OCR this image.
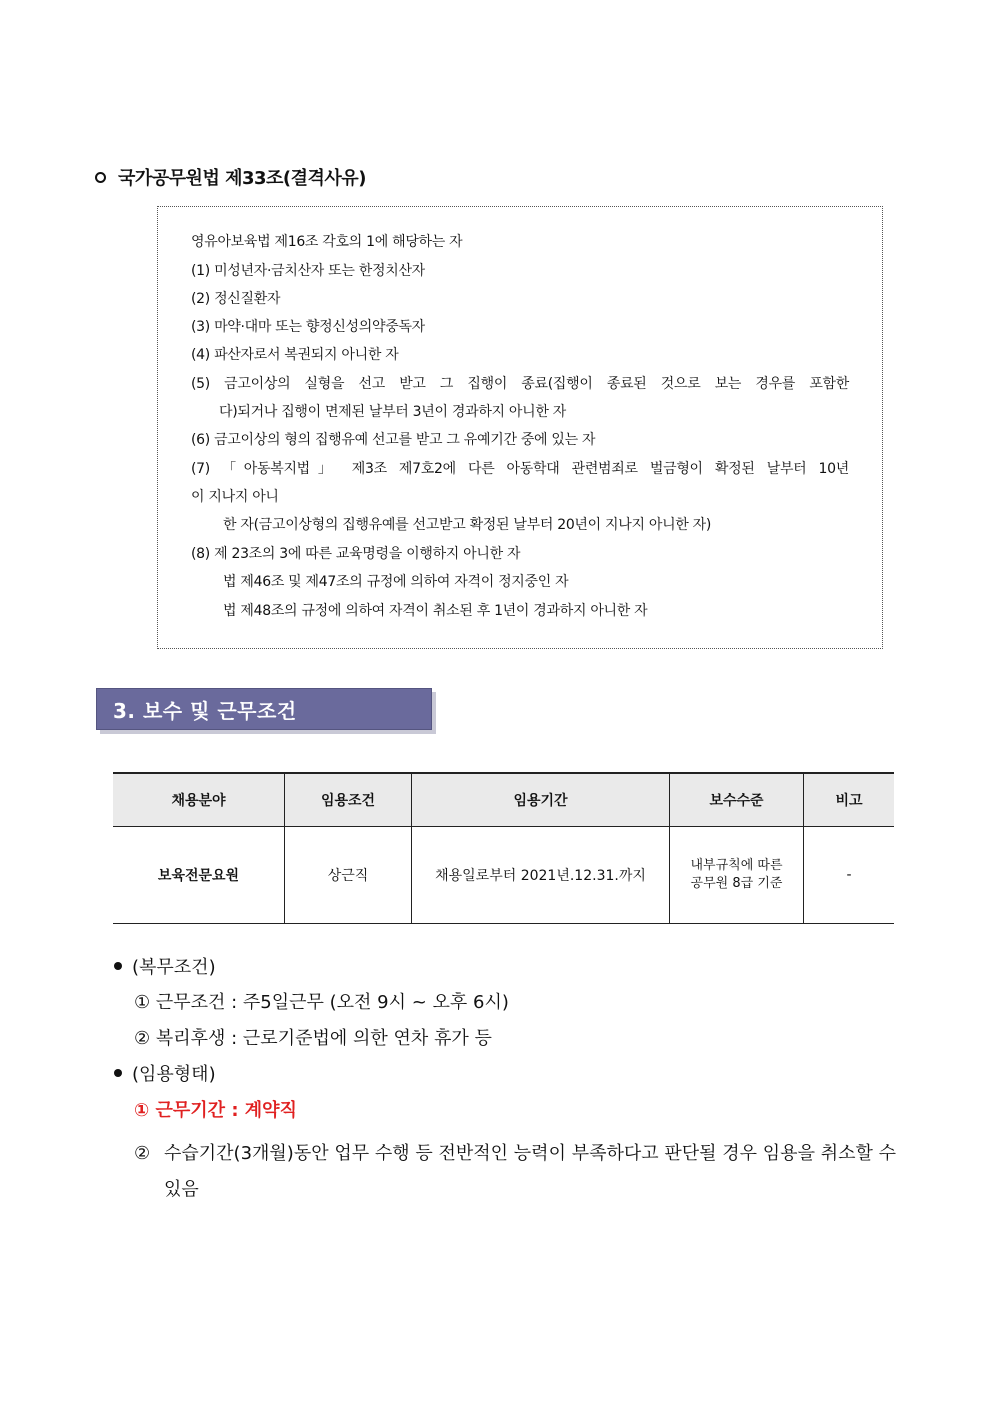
국가공무원법 제33조(결격사유)
영유아보육법 제16조 각호의 1에 해당하는 자
(1) 미성년자·금치산자 또는 한정치산자
(2) 정신질환자
(3) 마약·대마 또는 향정신성의약중독자
(4) 파산자로서 복권되지 아니한 자
(5) 금고이상의 실형을 선고 받고 그 집행이 종료(집행이 종료된 것으로 보는 경우를 포함한
다)되거나 집행이 면제된 날부터 3년이 경과하지 아니한 자
(6) 금고이상의 형의 집행유예 선고를 받고 그 유예기간 중에 있는 자
(7) 「아동복지법」 제3조 제7호2에 다른 아동학대 관련범죄로 벌금형이 확정된 날부터 10년
이 지나지 아니
한 자(금고이상형의 집행유예를 선고받고 확정된 날부터 20년이 지나지 아니한 자)
(8) 제 23조의 3에 따른 교육명령을 이행하지 아니한 자
법 제46조 및 제47조의 규정에 의하여 자격이 정지중인 자
법 제48조의 규정에 의하여 자격이 취소된 후 1년이 경과하지 아니한 자
3. 보수 및 근무조건
채용분야	임용조건	임용기간	보수수준	비고
보육전문요원	상근직	채용일로부터 2021년.12.31.까지	내부규칙에 따른
공무원 8급 기준	-
(복무조건)
① 근무조건 : 주5일근무 (오전 9시 ~ 오후 6시)
② 복리후생 : 근로기준법에 의한 연차 휴가 등
(임용형태)
① 근무기간 : 계약직
② 수습기간(3개월)동안 업무 수행 등 전반적인 능력이 부족하다고 판단될 경우 임용을 취소할 수 있음
